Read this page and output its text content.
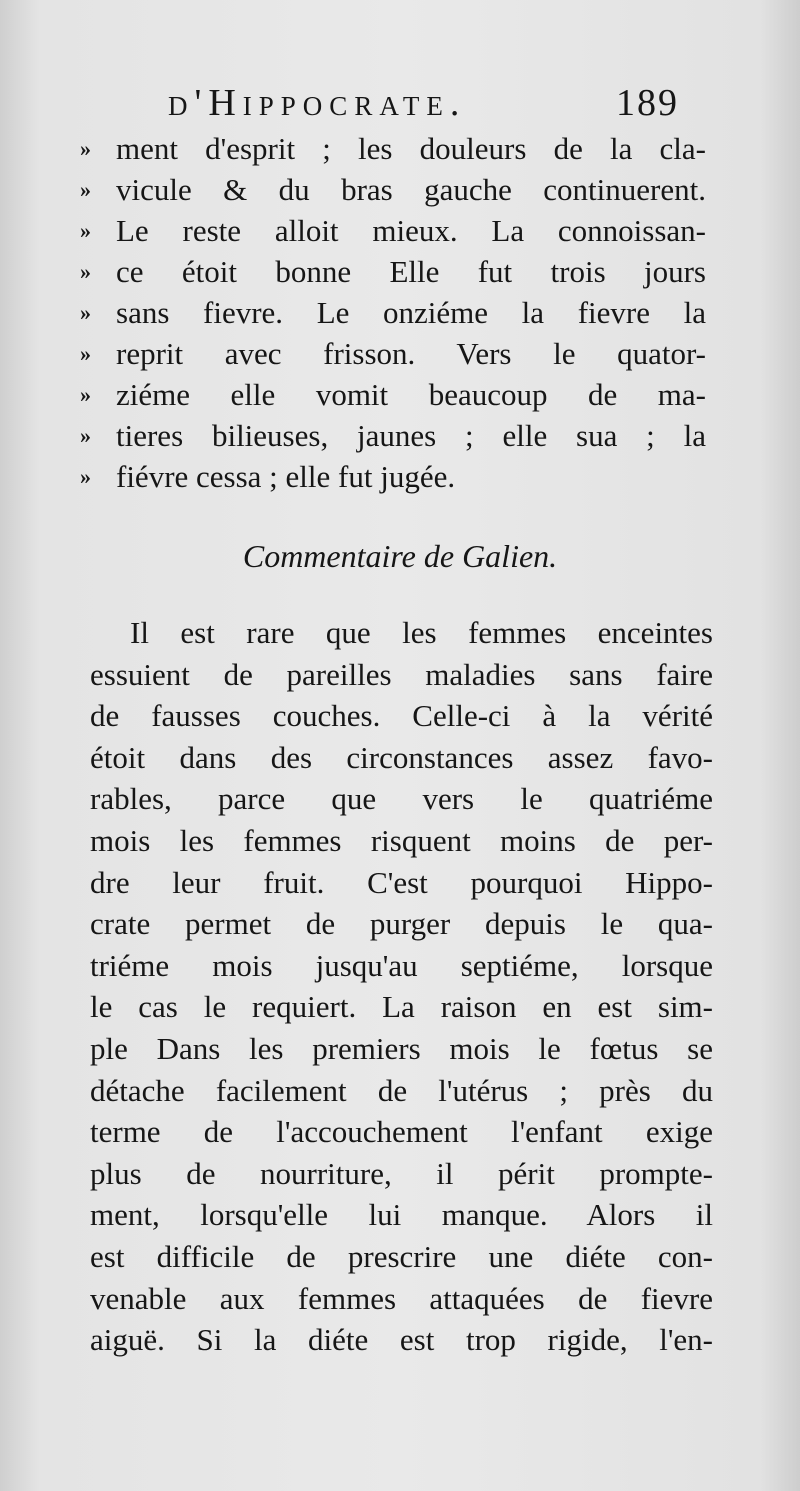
d'Hippocrate.	189
» ment d'esprit ; les douleurs de la cla-
» vicule & du bras gauche continuerent.
» Le reste alloit mieux. La connoissan-
» ce étoit bonne Elle fut trois jours
» sans fievre. Le onziéme la fievre la
» reprit avec frisson. Vers le quator-
» ziéme elle vomit beaucoup de ma-
» tieres bilieuses, jaunes ; elle sua ; la
» fiévre cessa ; elle fut jugée.
Commentaire de Galien.
Il est rare que les femmes enceintes
essuient de pareilles maladies sans faire
de fausses couches. Celle-ci à la vérité
étoit dans des circonstances assez favo-
rables, parce que vers le quatriéme
mois les femmes risquent moins de per-
dre leur fruit. C'est pourquoi Hippo-
crate permet de purger depuis le qua-
triéme mois jusqu'au septiéme, lorsque
le cas le requiert. La raison en est sim-
ple Dans les premiers mois le fœtus se
détache facilement de l'utérus ; près du
terme de l'accouchement l'enfant exige
plus de nourriture, il périt prompte-
ment, lorsqu'elle lui manque. Alors il
est difficile de prescrire une diéte con-
venable aux femmes attaquées de fievre
aiguë. Si la diéte est trop rigide, l'en-
